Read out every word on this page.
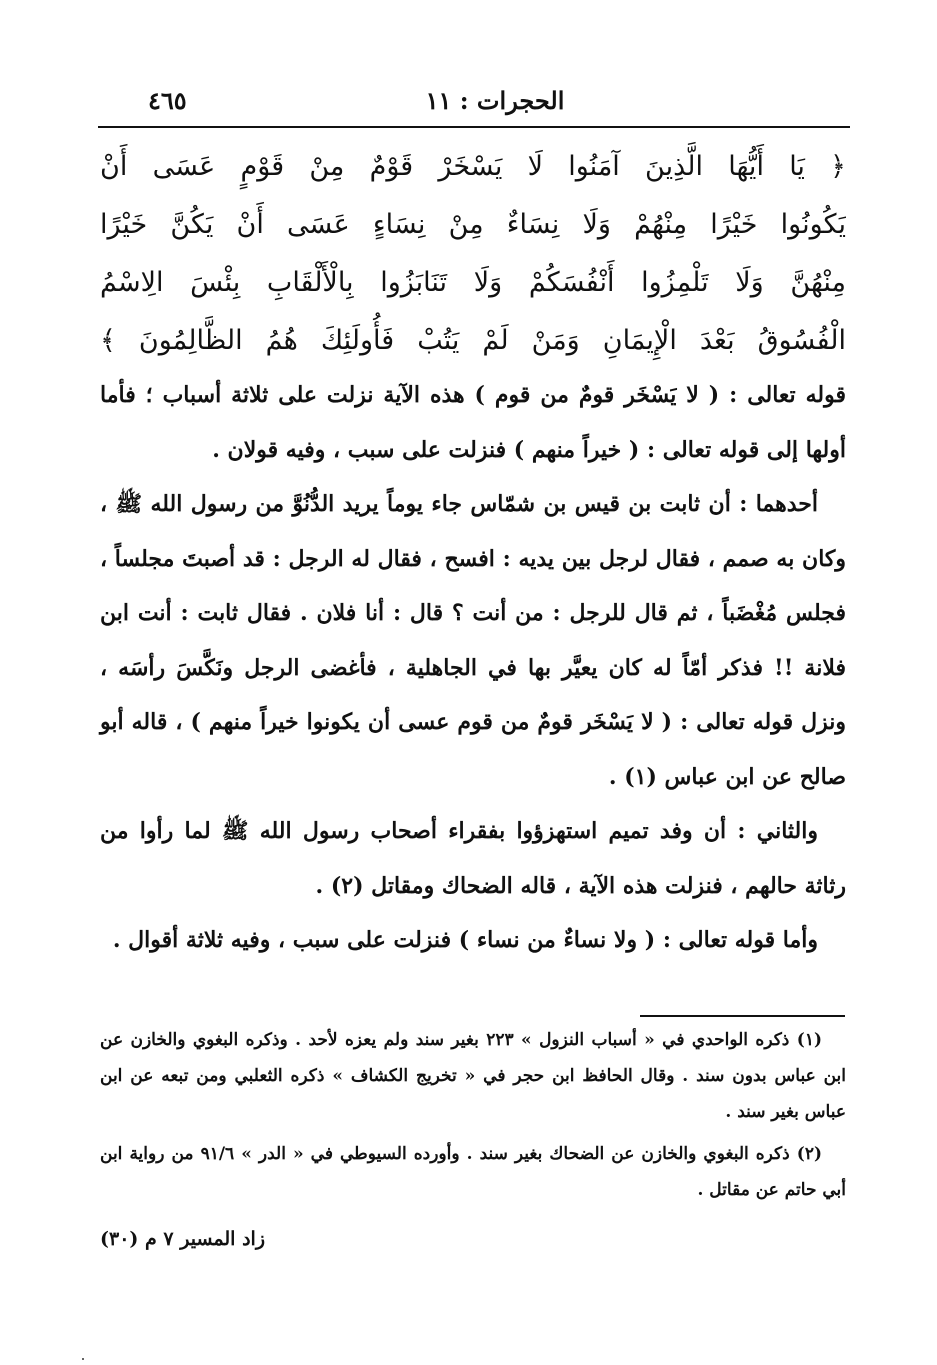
٤٦٥	الحجرات : ١١
﴿ يَا أَيُّهَا الَّذِينَ آمَنُوا لَا يَسْخَرْ قَوْمٌ مِنْ قَوْمٍ عَسَى أَنْ
يَكُونُوا خَيْرًا مِنْهُمْ وَلَا نِسَاءٌ مِنْ نِسَاءٍ عَسَى أَنْ يَكُنَّ خَيْرًا
مِنْهُنَّ وَلَا تَلْمِزُوا أَنْفُسَكُمْ وَلَا تَنَابَزُوا بِالْأَلْقَابِ بِئْسَ الِاسْمُ
الْفُسُوقُ بَعْدَ الْإِيمَانِ وَمَنْ لَمْ يَتُبْ فَأُولَئِكَ هُمُ الظَّالِمُونَ ﴾

قوله تعالى : ( لا يَسْخَر قومٌ من قوم ) هذه الآية نزلت على ثلاثة أسباب ؛ فأما أولها إلى قوله تعالى : ( خيراً منهم ) فنزلت على سبب ، وفيه قولان .

أحدهما : أن ثابت بن قيس بن شمّاس جاء يوماً يريد الدُّنُوَّ من رسول الله ﷺ ، وكان به صمم ، فقال لرجل بين يديه : افسح ، فقال له الرجل : قد أصبتَ مجلساً ، فجلس مُغْضَباً ، ثم قال للرجل : من أنت ؟ قال : أنا فلان . فقال ثابت : أنت ابن فلانة !! فذكر أمّاً له كان يعيَّر بها في الجاهلية ، فأغضى الرجل ونَكَّسَ رأسَه ، ونزل قوله تعالى : ( لا يَسْخَر قومٌ من قوم عسى أن يكونوا خيراً منهم ) ، قاله أبو صالح عن ابن عباس (١) .

والثاني : أن وفد تميم استهزؤوا بفقراء أصحاب رسول الله ﷺ لما رأوا من رثاثة حالهم ، فنزلت هذه الآية ، قاله الضحاك ومقاتل (٢) .

وأما قوله تعالى : ( ولا نساءٌ من نساء ) فنزلت على سبب ، وفيه ثلاثة أقوال .

(١) ذكره الواحدي في « أسباب النزول » ٢٢٣ بغير سند ولم يعزه لأحد . وذكره البغوي والخازن عن ابن عباس بدون سند . وقال الحافظ ابن حجر في « تخريج الكشاف » ذكره الثعلبي ومن تبعه عن ابن عباس بغير سند .

(٢) ذكره البغوي والخازن عن الضحاك بغير سند . وأورده السيوطي في « الدر » ٩١/٦ من رواية ابن أبي حاتم عن مقاتل .

زاد المسير ٧ م (٣٠)
